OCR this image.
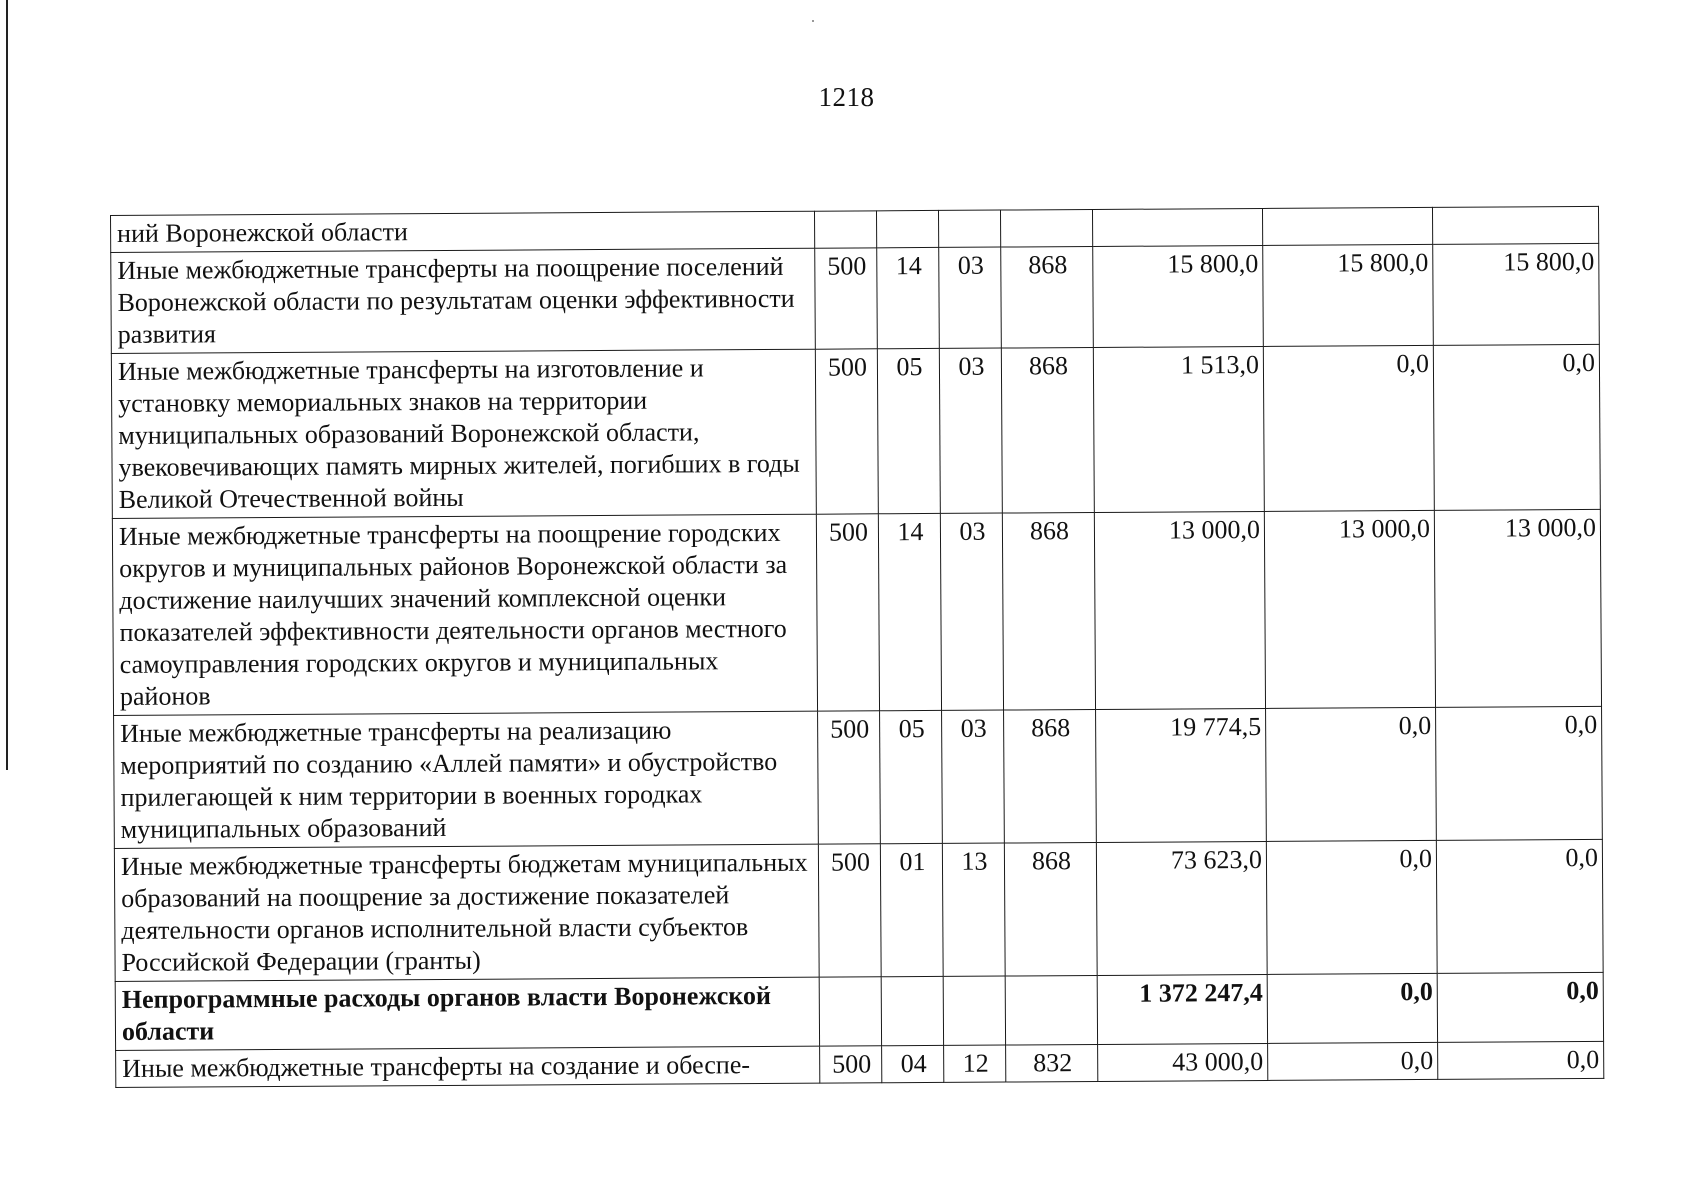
1218
ний Воронежской области							
Иные межбюджетные трансферты на поощрение поселений Воронежской области по результатам оценки эффективности развития	500	14	03	868	15 800,0	15 800,0	15 800,0
Иные межбюджетные трансферты на изготовление и установку мемориальных знаков на территории муниципальных образований Воронежской области, увековечивающих память мирных жителей, погибших в годы Великой Отечественной войны	500	05	03	868	1 513,0	0,0	0,0
Иные межбюджетные трансферты на поощрение городских округов и муниципальных районов Воронежской области за достижение наилучших значений комплексной оценки показателей эффективности деятельности органов местного самоуправления городских округов и муниципальных районов	500	14	03	868	13 000,0	13 000,0	13 000,0
Иные межбюджетные трансферты на реализацию мероприятий по созданию «Аллей памяти» и обустройство прилегающей к ним территории в военных городках муниципальных образований	500	05	03	868	19 774,5	0,0	0,0
Иные межбюджетные трансферты бюджетам муниципальных образований на поощрение за достижение показателей деятельности органов исполнительной власти субъектов Российской Федерации (гранты)	500	01	13	868	73 623,0	0,0	0,0
Непрограммные расходы органов власти Воронежской области					1 372 247,4	0,0	0,0
Иные межбюджетные трансферты на создание и обеспе-	500	04	12	832	43 000,0	0,0	0,0
